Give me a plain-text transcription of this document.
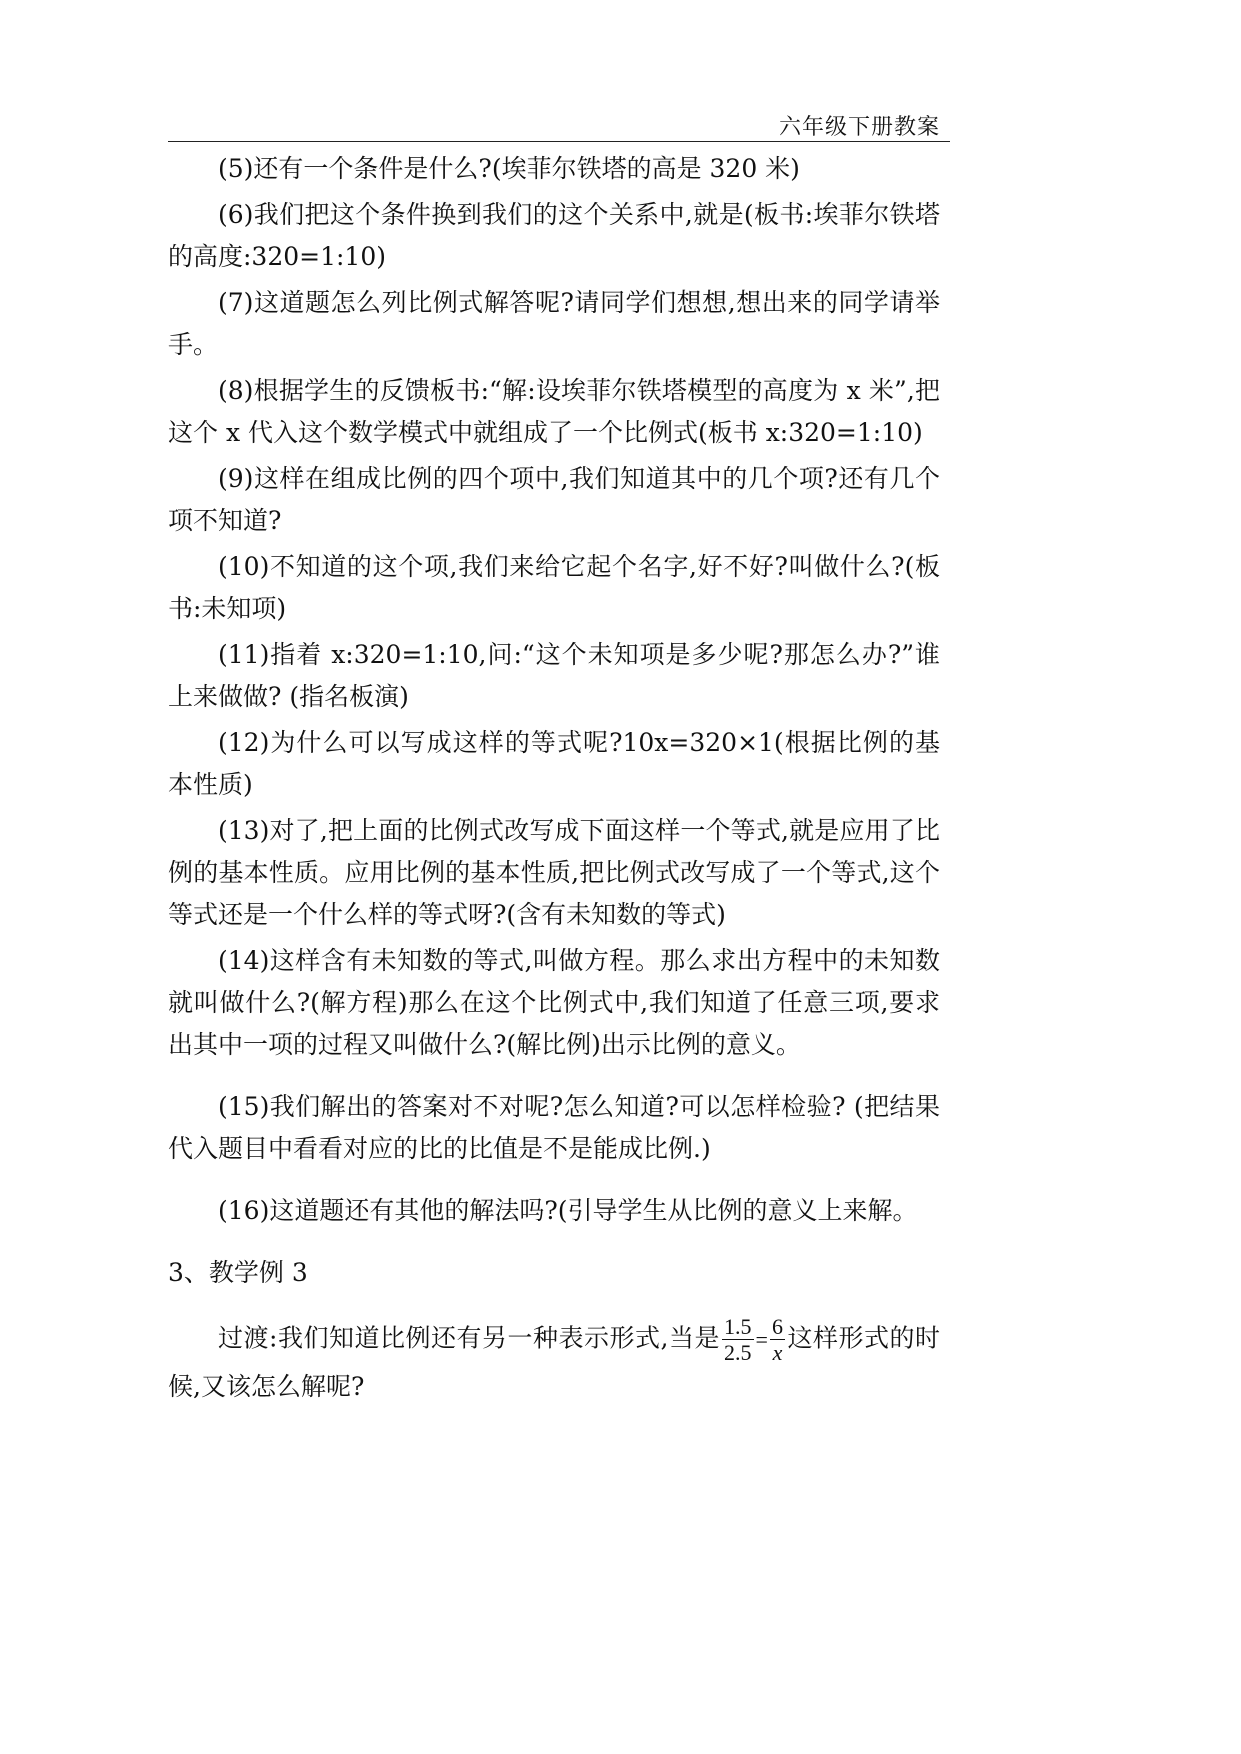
六年级下册教案

(5)还有一个条件是什么?(埃菲尔铁塔的高是 320 米)

(6)我们把这个条件换到我们的这个关系中,就是(板书:埃菲尔铁塔的高度:320=1:10)

(7)这道题怎么列比例式解答呢?请同学们想想,想出来的同学请举手。

(8)根据学生的反馈板书:“解:设埃菲尔铁塔模型的高度为 x 米”,把这个 x 代入这个数学模式中就组成了一个比例式(板书 x:320=1:10)

(9)这样在组成比例的四个项中,我们知道其中的几个项?还有几个项不知道?

(10)不知道的这个项,我们来给它起个名字,好不好?叫做什么?(板书:未知项)

(11)指着 x:320=1:10,问:“这个未知项是多少呢?那怎么办?”谁上来做做? (指名板演)

(12)为什么可以写成这样的等式呢?10x=320×1(根据比例的基本性质)

(13)对了,把上面的比例式改写成下面这样一个等式,就是应用了比例的基本性质。应用比例的基本性质,把比例式改写成了一个等式,这个等式还是一个什么样的等式呀?(含有未知数的等式)

(14)这样含有未知数的等式,叫做方程。那么求出方程中的未知数就叫做什么?(解方程)那么在这个比例式中,我们知道了任意三项,要求出其中一项的过程又叫做什么?(解比例)出示比例的意义。

(15)我们解出的答案对不对呢?怎么知道?可以怎样检验? (把结果代入题目中看看对应的比的比值是不是能成比例.)

(16)这道题还有其他的解法吗?(引导学生从比例的意义上来解。

3、教学例 3

过渡:我们知道比例还有另一种表示形式,当是 $\frac{1.5}{2.5} = \frac{6}{x}$ 这样形式的时候,又该怎么解呢?
